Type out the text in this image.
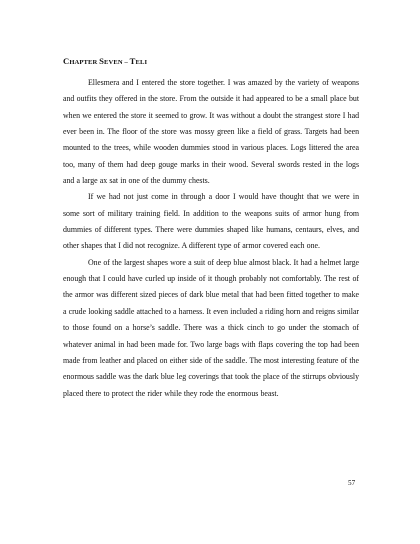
CHAPTER SEVEN – TELI

Ellesmera and I entered the store together. I was amazed by the variety of weapons and outfits they offered in the store. From the outside it had appeared to be a small place but when we entered the store it seemed to grow. It was without a doubt the strangest store I had ever been in. The floor of the store was mossy green like a field of grass. Targets had been mounted to the trees, while wooden dummies stood in various places. Logs littered the area too, many of them had deep gouge marks in their wood. Several swords rested in the logs and a large ax sat in one of the dummy chests.

If we had not just come in through a door I would have thought that we were in some sort of military training field. In addition to the weapons suits of armor hung from dummies of different types. There were dummies shaped like humans, centaurs, elves, and other shapes that I did not recognize. A different type of armor covered each one.

One of the largest shapes wore a suit of deep blue almost black. It had a helmet large enough that I could have curled up inside of it though probably not comfortably. The rest of the armor was different sized pieces of dark blue metal that had been fitted together to make a crude looking saddle attached to a harness. It even included a riding horn and reigns similar to those found on a horse’s saddle. There was a thick cinch to go under the stomach of whatever animal in had been made for. Two large bags with flaps covering the top had been made from leather and placed on either side of the saddle. The most interesting feature of the enormous saddle was the dark blue leg coverings that took the place of the stirrups obviously placed there to protect the rider while they rode the enormous beast.

57
